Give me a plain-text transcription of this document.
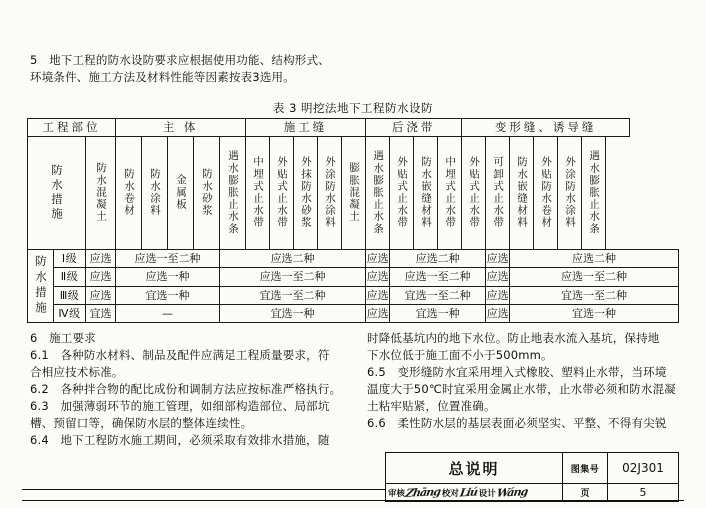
5   地下工程的防水设防要求应根据使用功能、结构形式、
环境条件、施工方法及材料性能等因素按表3选用。
表 3 明挖法地下工程防水设防
工程部位			主 体					施工缝					后浇带				变形缝、诱导缝					
防水措施		防水混凝土	防水卷材	防水涂料	金属板	防水砂浆	遇水膨胀止水条	中埋式止水带	外贴式止水带	外抹防水砂浆	外涂防水涂料	膨胀混凝土	遇水膨胀止水条	外贴式止水带	防水嵌缝材料	中埋式止水带	外贴式止水带	可卸式止水带	防水嵌缝材料	外贴防水卷材	外涂防水涂料	遇水膨胀止水条
防水措施	Ⅰ级	应选	应选一至二种				应选二种						应选	应选二种				应选	应选二种			
	Ⅱ级	应选	应选一种				应选一至二种						应选	应选一至二种				应选	应选一至二种			
	Ⅲ级	应选	宜选一种				宜选一至二种						应选	宜选一至二种				应选	宜选一至二种			
	Ⅳ级	宜选	—				宜选一种						应选	宜选一种				应选	宜选一种			
6   施工要求
6.1   各种防水材料、制品及配件应满足工程质量要求，符
合相应技术标准。
6.2   各种拌合物的配比成份和调制方法应按标准严格执行。
6.3   加强薄弱环节的施工管理，如细部构造部位、局部坑
槽、预留口等，确保防水层的整体连续性。
6.4   地下工程防水施工期间，必须采取有效排水措施，随
时降低基坑内的地下水位。防止地表水流入基坑，保持地
下水位低于施工面不小于500mm。
6.5   变形缝防水宜采用埋入式橡胶、塑料止水带，当环境
温度大于50℃时宜采用金属止水带，止水带必须和防水混凝
土粘牢贴紧，位置准确。
6.6   柔性防水层的基层表面必须坚实、平整、不得有尖锐
总说明	图集号	02J301
审核 Zhāng 校对 Liú 设计 Wáng	页	5
